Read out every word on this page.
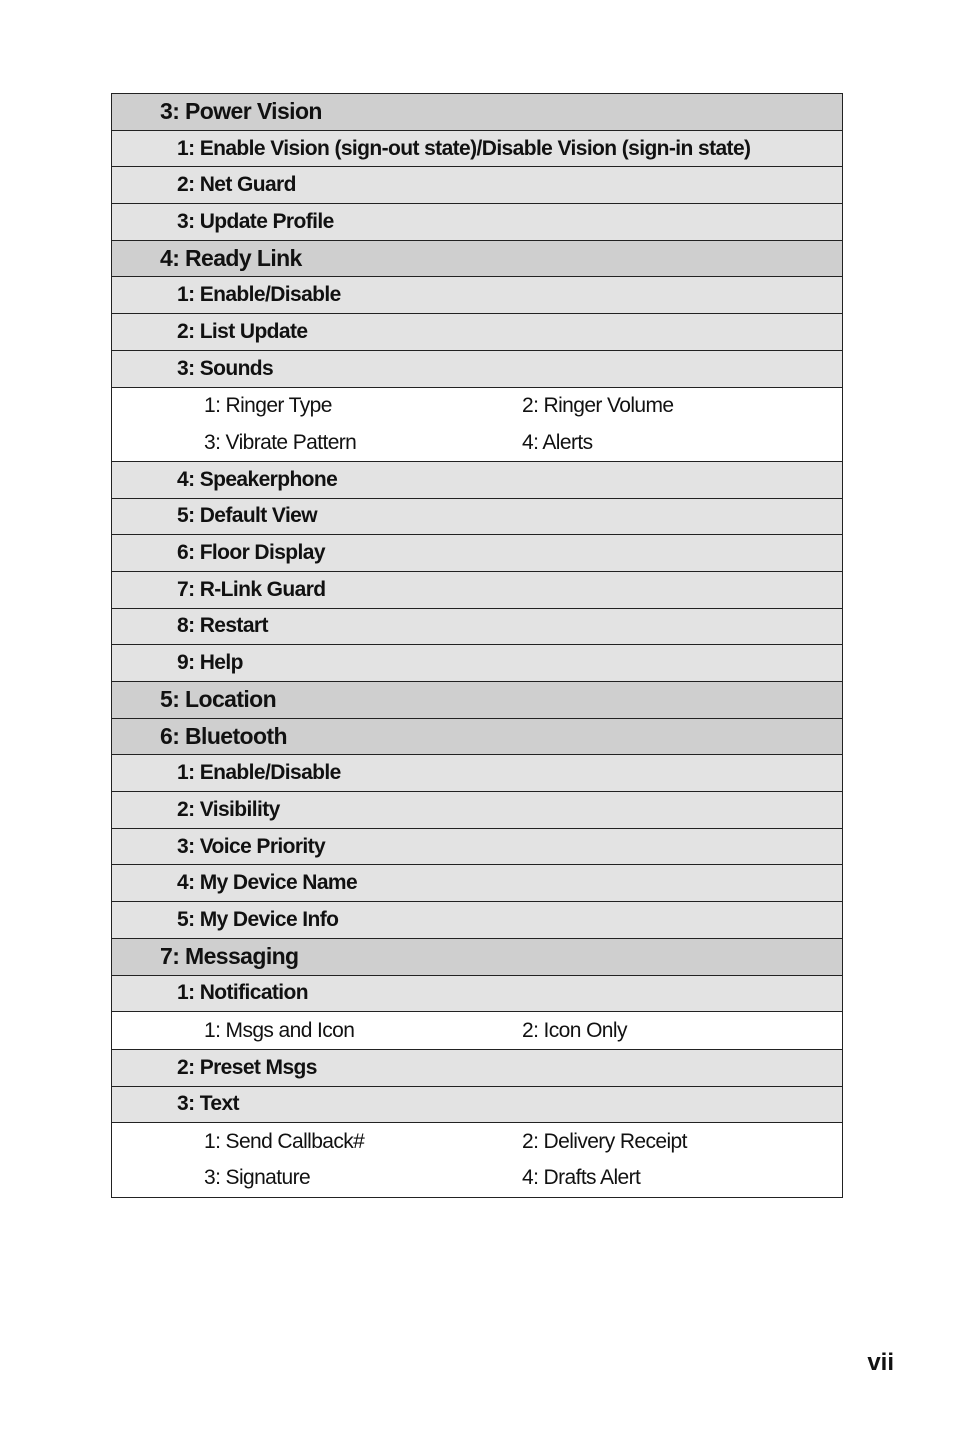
3: Power Vision
1: Enable Vision (sign-out state)/Disable Vision (sign-in state)
2: Net Guard
3: Update Profile
4: Ready Link
1: Enable/Disable
2: List Update
3: Sounds
1: Ringer Type	2: Ringer Volume
3: Vibrate Pattern	4: Alerts
4: Speakerphone
5: Default View
6: Floor Display
7: R-Link Guard
8: Restart
9: Help
5: Location
6: Bluetooth
1: Enable/Disable
2: Visibility
3: Voice Priority
4: My Device Name
5: My Device Info
7: Messaging
1: Notification
1: Msgs and Icon	2: Icon Only
2: Preset Msgs
3: Text
1: Send Callback#	2: Delivery Receipt
3: Signature	4: Drafts Alert
vii
